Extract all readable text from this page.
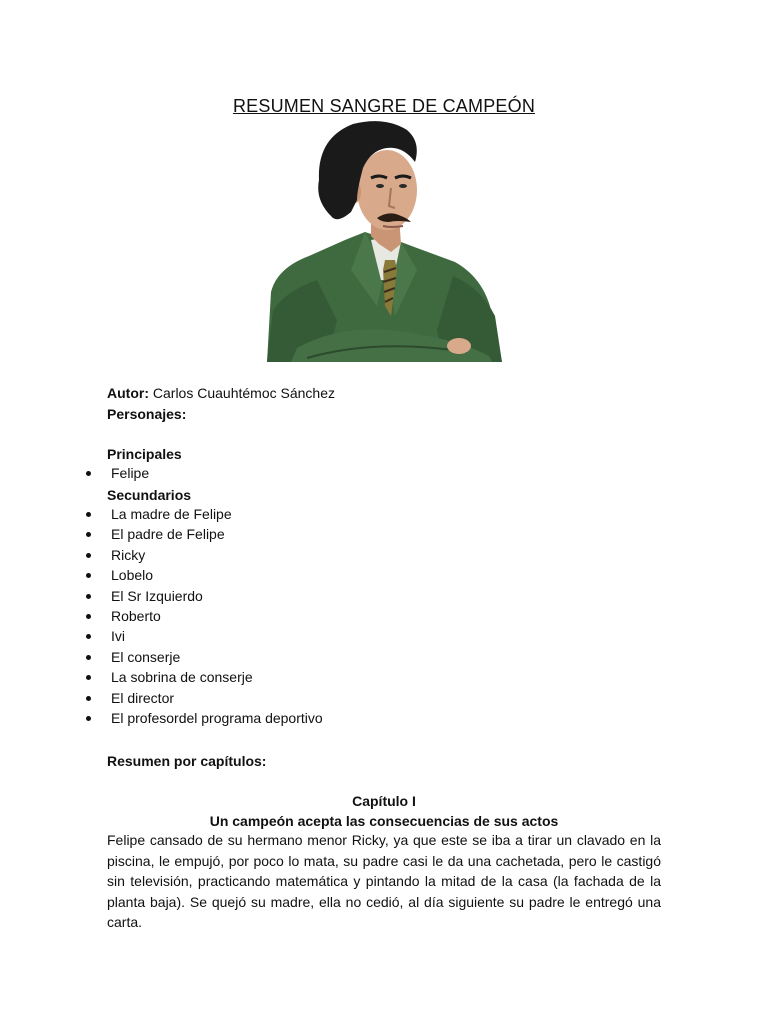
RESUMEN SANGRE DE CAMPEÓN
Autor: Carlos Cuauhtémoc Sánchez
Personajes:
Principales
Felipe
Secundarios
La madre de Felipe
El padre de Felipe
Ricky
Lobelo
El Sr Izquierdo
Roberto
Ivi
El conserje
La sobrina de conserje
El director
El profesordel programa deportivo
Resumen por capítulos:
Capítulo I
Un campeón acepta las consecuencias de sus actos
Felipe cansado de su hermano menor Ricky, ya que este se iba a tirar un clavado en la piscina, le empujó, por poco lo mata, su padre casi le da una cachetada, pero le castigó sin televisión, practicando matemática y pintando la mitad de la casa (la fachada de la planta baja). Se quejó su madre, ella no cedió, al día siguiente su padre le entregó una carta.
